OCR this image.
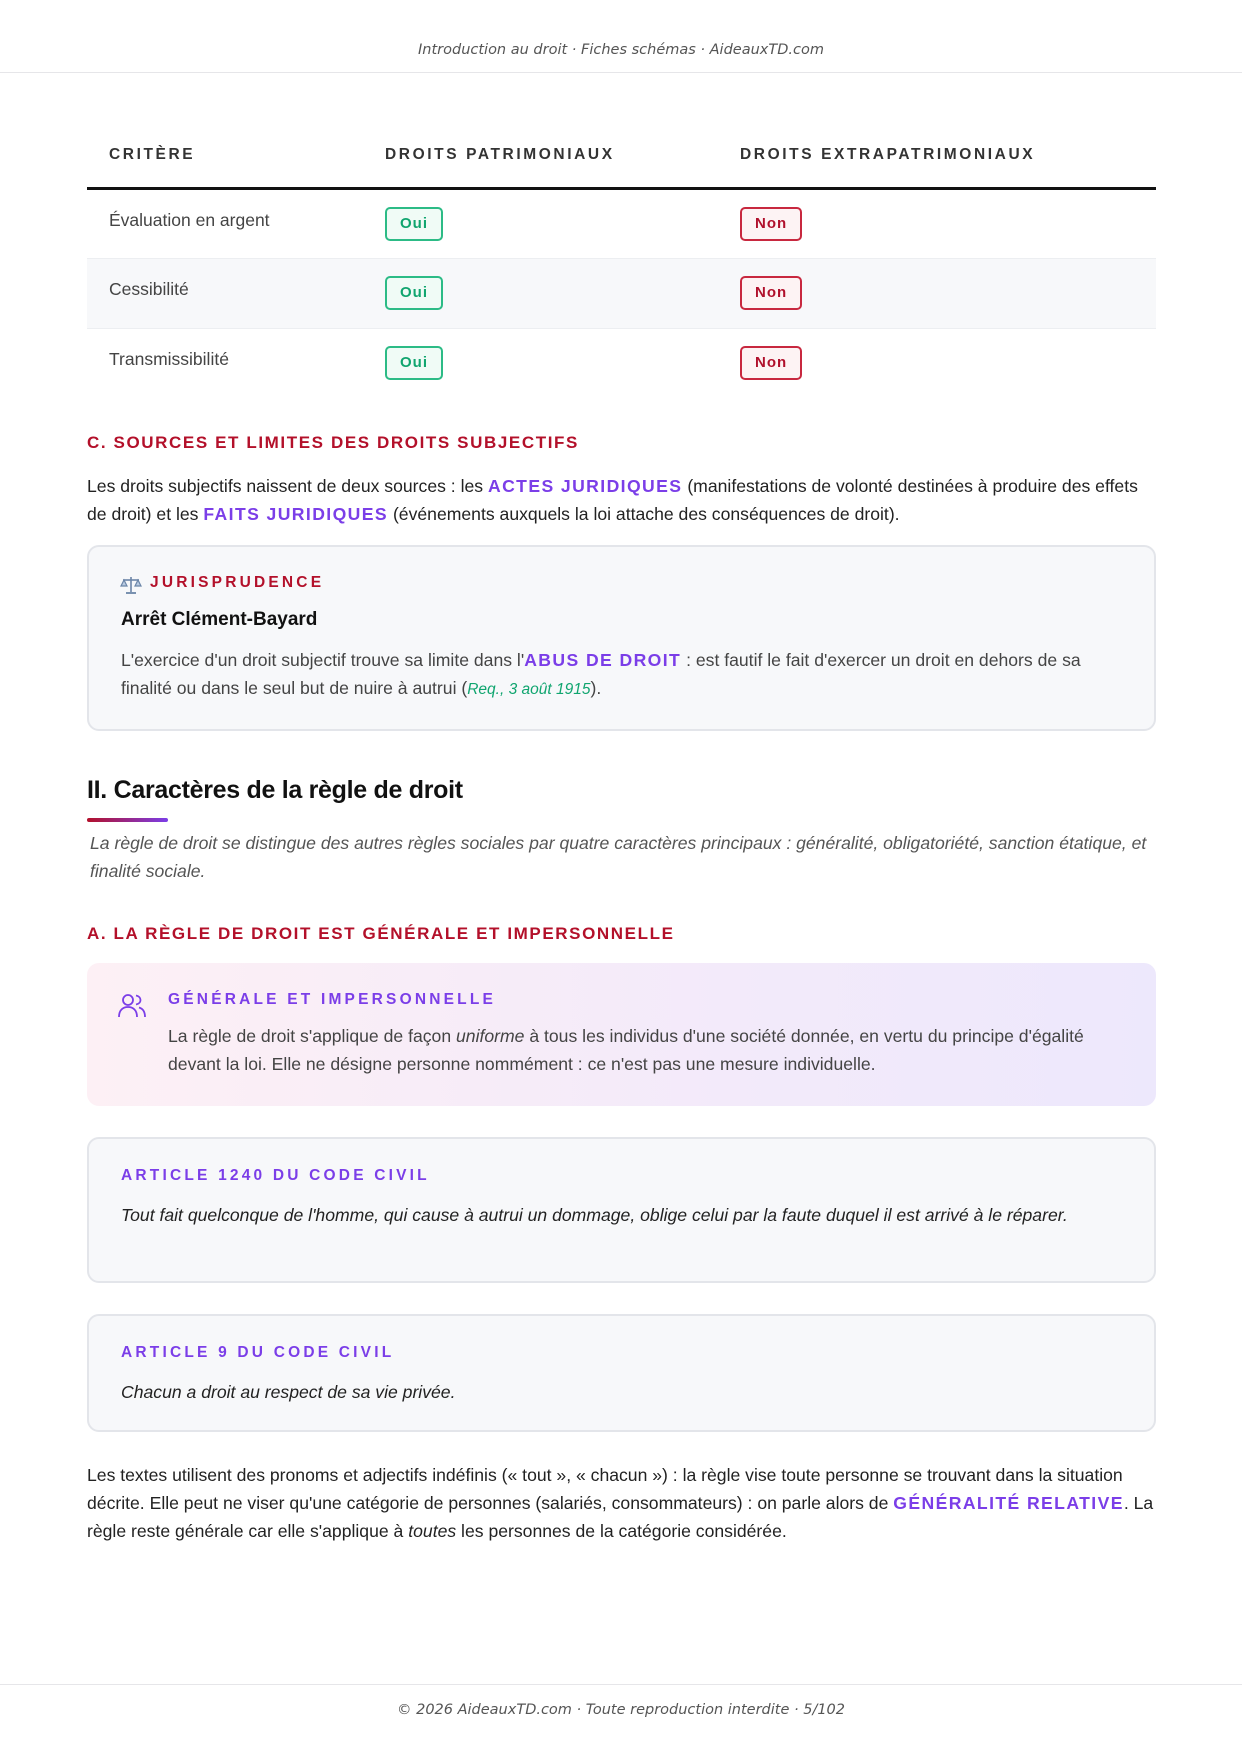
Introduction au droit · Fiches schémas · AideauxTD.com
CRITÈRE	DROITS PATRIMONIAUX	DROITS EXTRAPATRIMONIAUX
Évaluation en argent	Oui	Non
Cessibilité	Oui	Non
Transmissibilité	Oui	Non
C. SOURCES ET LIMITES DES DROITS SUBJECTIFS

Les droits subjectifs naissent de deux sources : les ACTES JURIDIQUES (manifestations de volonté destinées à produire des effets de droit) et les FAITS JURIDIQUES (événements auxquels la loi attache des conséquences de droit).

JURISPRUDENCE
Arrêt Clément-Bayard

L'exercice d'un droit subjectif trouve sa limite dans l'ABUS DE DROIT : est fautif le fait d'exercer un droit en dehors de sa finalité ou dans le seul but de nuire à autrui (Req., 3 août 1915).

II. Caractères de la règle de droit

La règle de droit se distingue des autres règles sociales par quatre caractères principaux : généralité, obligatoriété, sanction étatique, et finalité sociale.

A. LA RÈGLE DE DROIT EST GÉNÉRALE ET IMPERSONNELLE
GÉNÉRALE ET IMPERSONNELLE

La règle de droit s'applique de façon uniforme à tous les individus d'une société donnée, en vertu du principe d'égalité devant la loi. Elle ne désigne personne nommément : ce n'est pas une mesure individuelle.

ARTICLE 1240 DU CODE CIVIL

Tout fait quelconque de l'homme, qui cause à autrui un dommage, oblige celui par la faute duquel il est arrivé à le réparer.

ARTICLE 9 DU CODE CIVIL

Chacun a droit au respect de sa vie privée.

Les textes utilisent des pronoms et adjectifs indéfinis (« tout », « chacun ») : la règle vise toute personne se trouvant dans la situation décrite. Elle peut ne viser qu'une catégorie de personnes (salariés, consommateurs) : on parle alors de GÉNÉRALITÉ RELATIVE. La règle reste générale car elle s'applique à toutes les personnes de la catégorie considérée.

© 2026 AideauxTD.com · Toute reproduction interdite · 5/102
